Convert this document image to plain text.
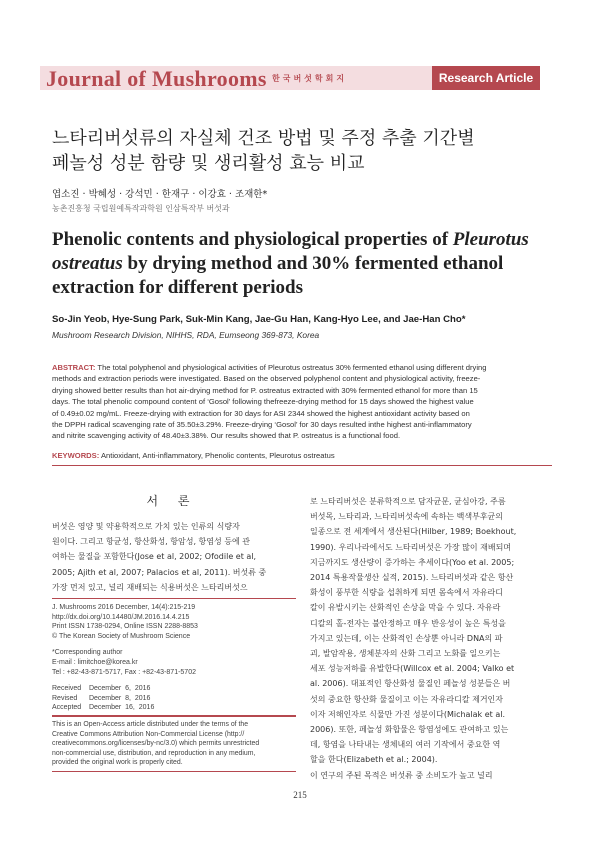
Journal of Mushrooms 한국버섯학회지	Research Article
느타리버섯류의 자실체 건조 방법 및 주정 추출 기간별
페놀성 성분 함량 및 생리활성 효능 비교
엽소진 · 박혜성 · 강석민 · 한재구 · 이강효 · 조재한*
농촌진흥청 국립원예특작과학원 인삼특작부 버섯과
Phenolic contents and physiological properties of Pleurotus
ostreatus by drying method and 30% fermented ethanol
extraction for different periods
So-Jin Yeob, Hye-Sung Park, Suk-Min Kang, Jae-Gu Han, Kang-Hyo Lee, and Jae-Han Cho*
Mushroom Research Division, NIHHS, RDA, Eumseong 369-873, Korea
ABSTRACT: The total polyphenol and physiological activities of Pleurotus ostreatus 30% fermented ethanol using different drying
methods and extraction periods were investigated. Based on the observed polyphenol content and physiological activity, freeze-
drying showed better results than hot air-drying method for P. ostreatus extracted with 30% fermented ethanol for more than 15
days. The total phenolic compound content of ‘Gosol’ following thefreeze-drying method for 15 days showed the highest value
of 0.49±0.02 mg/mL. Freeze-drying with extraction for 30 days for ASI 2344 showed the highest antioxidant activity based on
the DPPH radical scavenging rate of 35.50±3.29%. Freeze-drying ‘Gosol’ for 30 days resulted inthe highest anti-inflammatory
and nitrite scavenging activity of 48.40±3.38%. Our results showed that P. ostreatus is a functional food.
KEYWORDS: Antioxidant, Anti-inflammatory, Phenolic contents, Pleurotus ostreatus
서 론
버섯은 영양 및 약용학적으로 가치 있는 인류의 식량자
원이다. 그리고 항균성, 항산화성, 항암성, 항염성 등에 관
여하는 물질을 포함한다(Jose et al, 2002; Ofodile et al,
2005; Ajith et al, 2007; Palacios et al, 2011). 버섯류 중
가장 먼저 있고, 널리 재배되는 식용버섯은 느타리버섯으
J. Mushrooms 2016 December, 14(4):215-219
http://dx.doi.org/10.14480/JM.2016.14.4.215
Print ISSN 1738-0294, Online ISSN 2288-8853
© The Korean Society of Mushroom Science
*Corresponding author
E-mail : limitchoe@korea.kr
Tel : +82-43-871-5717, Fax : +82-43-871-5702
Received    December  6,  2016
Revised      December  8,  2016
Accepted    December  16,  2016
This is an Open-Access article distributed under the terms of the
Creative Commons Attribution Non-Commercial License (http://
creativecommons.org/licenses/by-nc/3.0) which permits unrestricted
non-commercial use, distribution, and reproduction in any medium,
provided the original work is properly cited.
로 느타리버섯은 분류학적으로 담자균문, 균심아강, 주름
버섯목, 느타리과, 느타리버섯속에 속하는 백색부후균의
일종으로 전 세계에서 생산된다(Hilber, 1989; Boekhout,
1990). 우리나라에서도 느타리버섯은 가장 많이 재배되며
지금까지도 생산량이 증가하는 추세이다(Yoo et al. 2005;
2014 특용작물생산 실적, 2015). 느타리버섯과 같은 항산
화성이 풍부한 식량을 섭취하게 되면 몸속에서 자유라디
칼이 유발시키는 산화적인 손상을 막을 수 있다. 자유라
디칼의 홀-전자는 불안정하고 매우 반응성이 높은 특성을
가지고 있는데, 이는 산화적인 손상뿐 아니라 DNA의 파
괴, 발암작용, 생체분자의 산화 그리고 노화를 일으키는
세포 성능저하를 유발한다(Willcox et al. 2004; Valko et
al. 2006). 대표적인 항산화성 물질인 페놀성 성분들은 버
섯의 중요한 항산화 물질이고 이는 자유라디칼 제거인자
이자 저해인자로 식물만 가진 성분이다(Michalak et al.
2006). 또한, 페놀성 화합물은 항염성에도 관여하고 있는
데, 항염을 나타내는 생체내의 여러 기작에서 중요한 역
할을 한다(Elizabeth et al.; 2004).
이 연구의 주된 목적은 버섯류 중 소비도가 높고 널리
215
